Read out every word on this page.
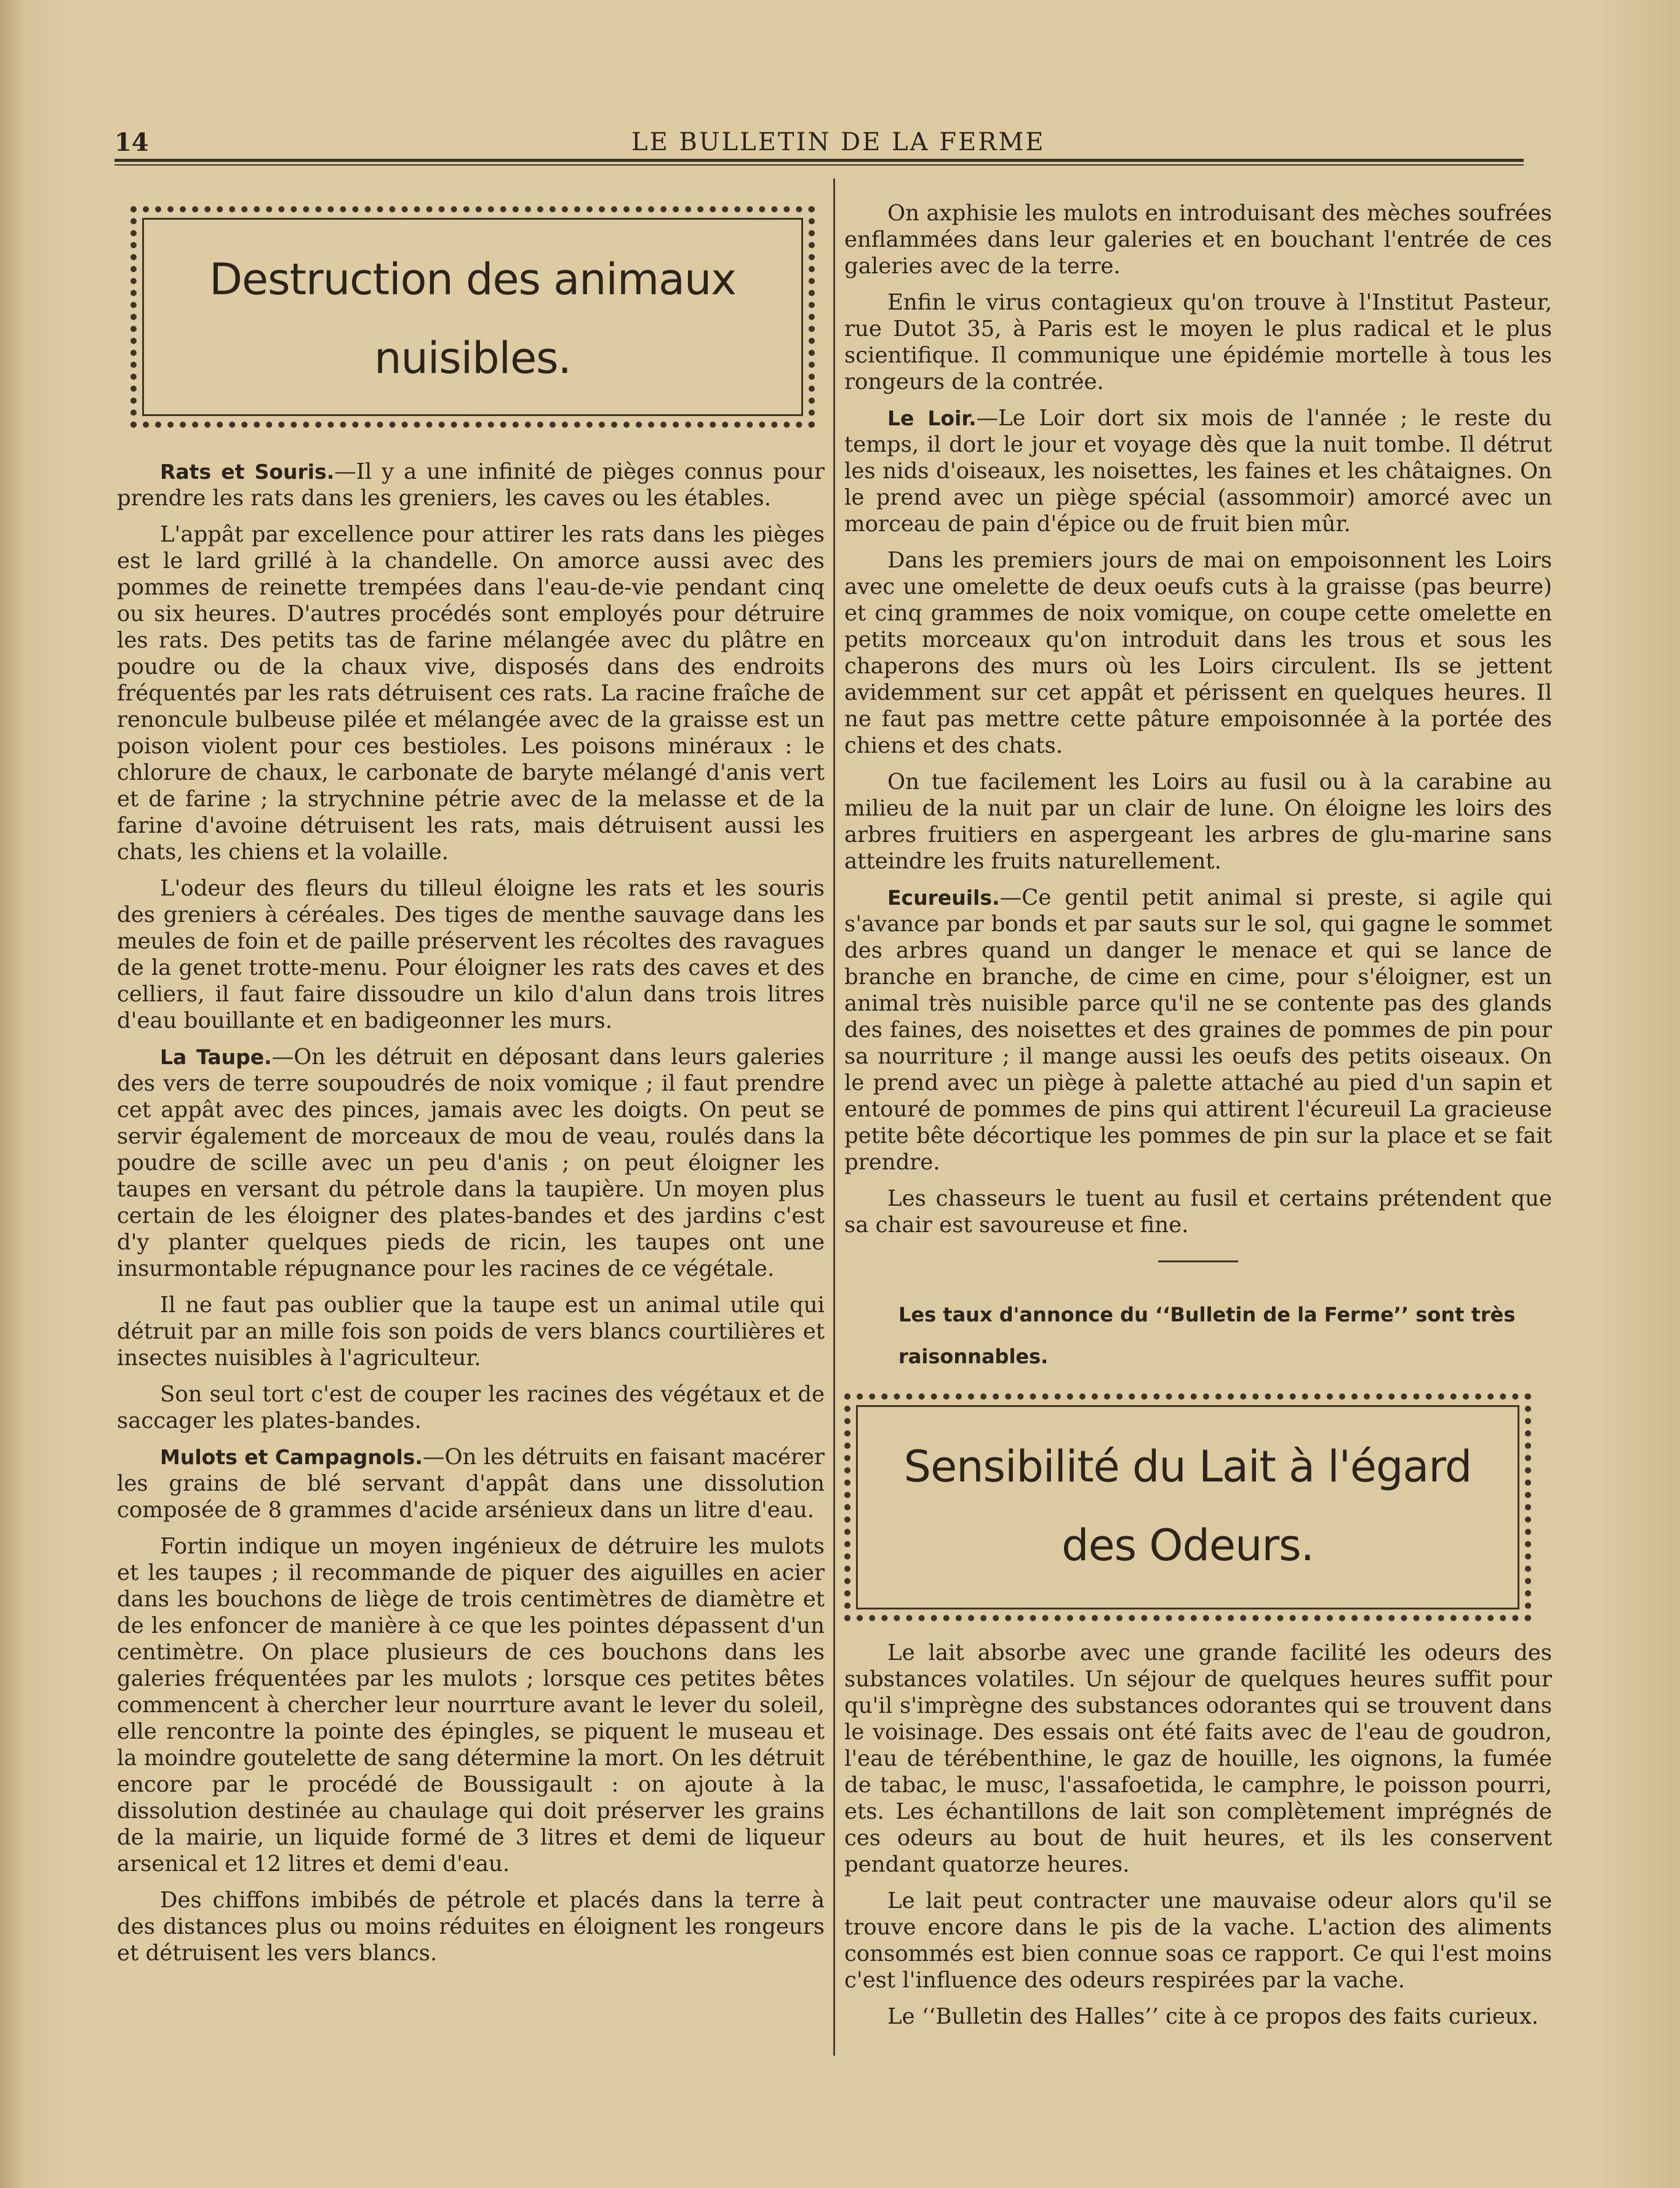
14	LE BULLETIN DE LA FERME
Destruction des animaux
nuisibles.

Rats et Souris.—Il y a une infinité de pièges connus pour prendre les rats dans les greniers, les caves ou les étables.

L'appât par excellence pour attirer les rats dans les pièges est le lard grillé à la chandelle. On amorce aussi avec des pommes de reinette trempées dans l'eau-de-vie pendant cinq ou six heures. D'autres procédés sont employés pour détruire les rats. Des petits tas de farine mélangée avec du plâtre en poudre ou de la chaux vive, disposés dans des endroits fréquentés par les rats détruisent ces rats. La racine fraîche de renoncule bulbeuse pilée et mélangée avec de la graisse est un poison violent pour ces bestioles. Les poisons minéraux : le chlorure de chaux, le carbonate de baryte mélangé d'anis vert et de farine ; la strychnine pétrie avec de la melasse et de la farine d'avoine détruisent les rats, mais détruisent aussi les chats, les chiens et la volaille.

L'odeur des fleurs du tilleul éloigne les rats et les souris des greniers à céréales. Des tiges de menthe sauvage dans les meules de foin et de paille préservent les récoltes des ravagues de la genet trotte-menu. Pour éloigner les rats des caves et des celliers, il faut faire dissoudre un kilo d'alun dans trois litres d'eau bouillante et en badigeonner les murs.

La Taupe.—On les détruit en déposant dans leurs galeries des vers de terre soupoudrés de noix vomique ; il faut prendre cet appât avec des pinces, jamais avec les doigts. On peut se servir également de morceaux de mou de veau, roulés dans la poudre de scille avec un peu d'anis ; on peut éloigner les taupes en versant du pétrole dans la taupière. Un moyen plus certain de les éloigner des plates-bandes et des jardins c'est d'y planter quelques pieds de ricin, les taupes ont une insurmontable répugnance pour les racines de ce végétale.

Il ne faut pas oublier que la taupe est un animal utile qui détruit par an mille fois son poids de vers blancs courtilières et insectes nuisibles à l'agriculteur.

Son seul tort c'est de couper les racines des végétaux et de saccager les plates-bandes.

Mulots et Campagnols.—On les détruits en faisant macérer les grains de blé servant d'appât dans une dissolution composée de 8 grammes d'acide arsénieux dans un litre d'eau.

Fortin indique un moyen ingénieux de détruire les mulots et les taupes ; il recommande de piquer des aiguilles en acier dans les bouchons de liège de trois centimètres de diamètre et de les enfoncer de manière à ce que les pointes dépassent d'un centimètre. On place plusieurs de ces bouchons dans les galeries fréquentées par les mulots ; lorsque ces petites bêtes commencent à chercher leur nourrture avant le lever du soleil, elle rencontre la pointe des épingles, se piquent le museau et la moindre goutelette de sang détermine la mort. On les détruit encore par le procédé de Boussigault : on ajoute à la dissolution destinée au chaulage qui doit préserver les grains de la mairie, un liquide formé de 3 litres et demi de liqueur arsenical et 12 litres et demi d'eau.

Des chiffons imbibés de pétrole et placés dans la terre à des distances plus ou moins réduites en éloignent les rongeurs et détruisent les vers blancs.

On axphisie les mulots en introduisant des mèches soufrées enflammées dans leur galeries et en bouchant l'entrée de ces galeries avec de la terre.

Enfin le virus contagieux qu'on trouve à l'Institut Pasteur, rue Dutot 35, à Paris est le moyen le plus radical et le plus scientifique. Il communique une épidémie mortelle à tous les rongeurs de la contrée.

Le Loir.—Le Loir dort six mois de l'année ; le reste du temps, il dort le jour et voyage dès que la nuit tombe. Il détrut les nids d'oiseaux, les noisettes, les faines et les châtaignes. On le prend avec un piège spécial (assommoir) amorcé avec un morceau de pain d'épice ou de fruit bien mûr.

Dans les premiers jours de mai on empoisonnent les Loirs avec une omelette de deux oeufs cuts à la graisse (pas beurre) et cinq grammes de noix vomique, on coupe cette omelette en petits morceaux qu'on introduit dans les trous et sous les chaperons des murs où les Loirs circulent. Ils se jettent avidemment sur cet appât et périssent en quelques heures. Il ne faut pas mettre cette pâture empoisonnée à la portée des chiens et des chats.

On tue facilement les Loirs au fusil ou à la carabine au milieu de la nuit par un clair de lune. On éloigne les loirs des arbres fruitiers en aspergeant les arbres de glu-marine sans atteindre les fruits naturellement.

Ecureuils.—Ce gentil petit animal si preste, si agile qui s'avance par bonds et par sauts sur le sol, qui gagne le sommet des arbres quand un danger le menace et qui se lance de branche en branche, de cime en cime, pour s'éloigner, est un animal très nuisible parce qu'il ne se contente pas des glands des faines, des noisettes et des graines de pommes de pin pour sa nourriture ; il mange aussi les oeufs des petits oiseaux. On le prend avec un piège à palette attaché au pied d'un sapin et entouré de pommes de pins qui attirent l'écureuil La gracieuse petite bête décortique les pommes de pin sur la place et se fait prendre.

Les chasseurs le tuent au fusil et certains prétendent que sa chair est savoureuse et fine.

Les taux d'annonce du ‘‘Bulletin de la Ferme’’ sont très raisonnables.
Sensibilité du Lait à l'égard
des Odeurs.

Le lait absorbe avec une grande facilité les odeurs des substances volatiles. Un séjour de quelques heures suffit pour qu'il s'imprègne des substances odorantes qui se trouvent dans le voisinage. Des essais ont été faits avec de l'eau de goudron, l'eau de térébenthine, le gaz de houille, les oignons, la fumée de tabac, le musc, l'assafoetida, le camphre, le poisson pourri, ets. Les échantillons de lait son complètement imprégnés de ces odeurs au bout de huit heures, et ils les conservent pendant quatorze heures.

Le lait peut contracter une mauvaise odeur alors qu'il se trouve encore dans le pis de la vache. L'action des aliments consommés est bien connue soas ce rapport. Ce qui l'est moins c'est l'influence des odeurs respirées par la vache.

Le ‘‘Bulletin des Halles’’ cite à ce propos des faits curieux.
